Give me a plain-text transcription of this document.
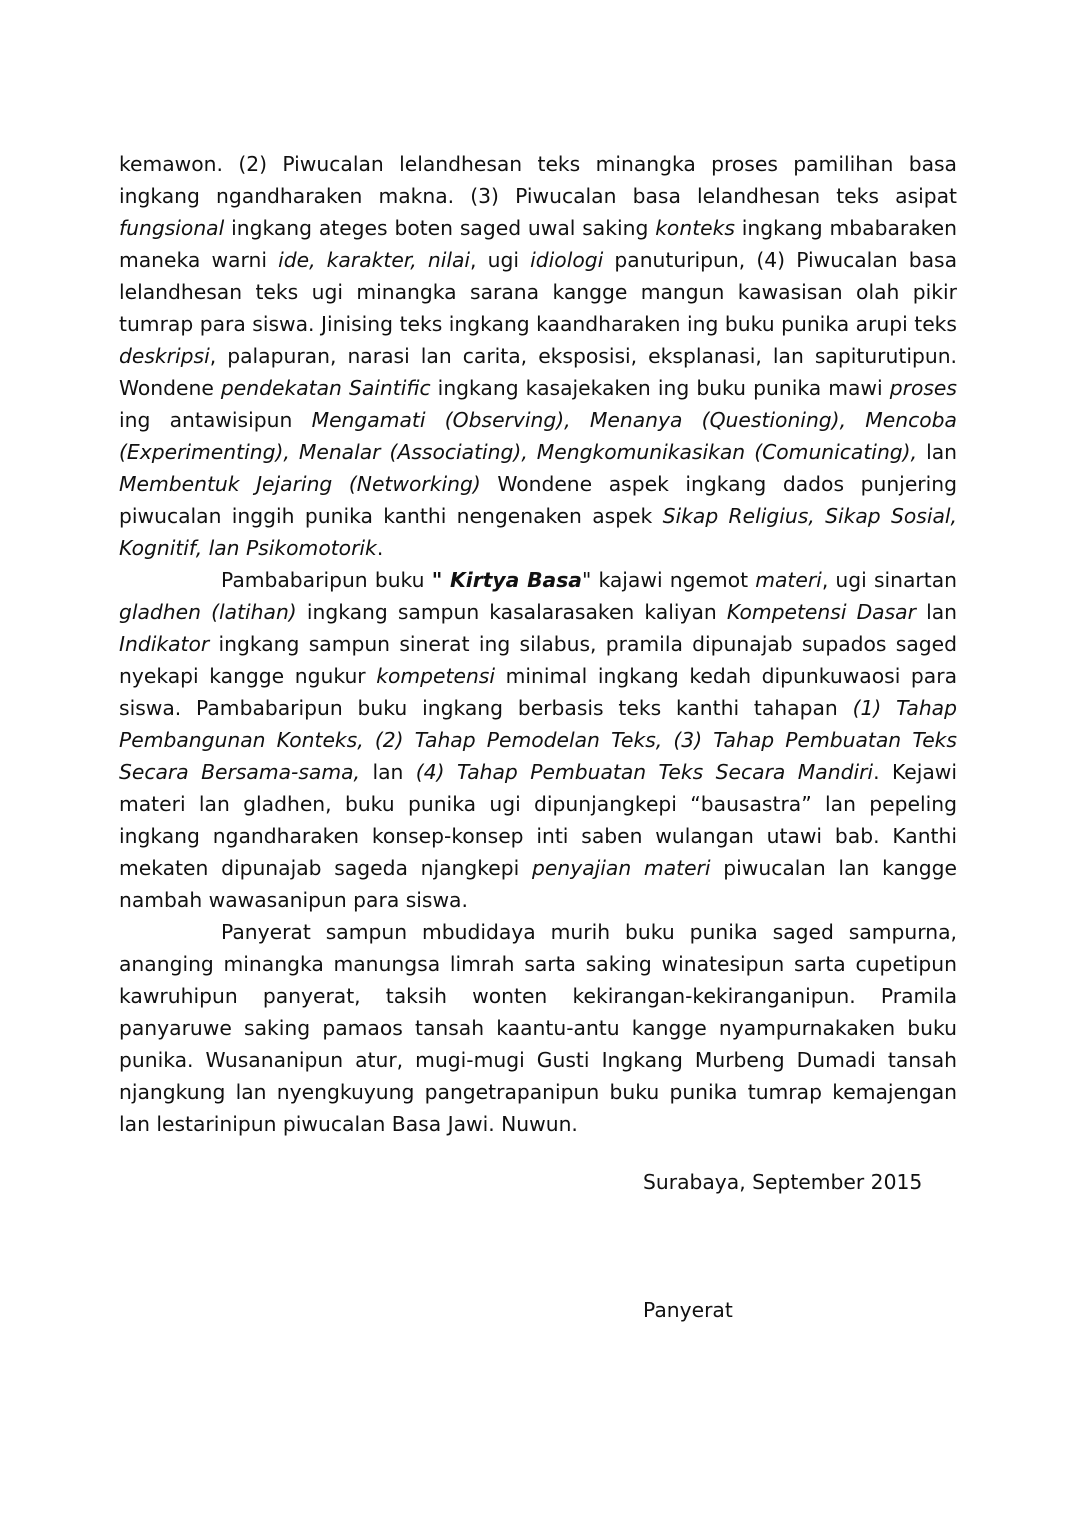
kemawon. (2) Piwucalan lelandhesan teks minangka proses pamilihan basa ingkang ngandharaken makna. (3) Piwucalan basa lelandhesan teks asipat fungsional ingkang ateges boten saged uwal saking konteks ingkang mbabaraken maneka warni ide, karakter, nilai, ugi idiologi panuturipun, (4) Piwucalan basa lelandhesan teks ugi minangka sarana kangge mangun kawasisan olah pikir tumrap para siswa. Jinising teks ingkang kaandharaken ing buku punika arupi teks deskripsi, palapuran, narasi lan carita, eksposisi, eksplanasi, lan sapiturutipun. Wondene pendekatan Saintific ingkang kasajekaken ing buku punika mawi proses ing antawisipun Mengamati (Observing), Menanya (Questioning), Mencoba (Experimenting), Menalar (Associating), Mengkomunikasikan (Comunicating), lan Membentuk Jejaring (Networking) Wondene aspek ingkang dados punjering piwucalan inggih punika kanthi nengenaken aspek Sikap Religius, Sikap Sosial, Kognitif, lan Psikomotorik.

Pambabaripun buku " Kirtya Basa" kajawi ngemot materi, ugi sinartan gladhen (latihan) ingkang sampun kasalarasaken kaliyan Kompetensi Dasar lan Indikator ingkang sampun sinerat ing silabus, pramila dipunajab supados saged nyekapi kangge ngukur kompetensi minimal ingkang kedah dipunkuwaosi para siswa. Pambabaripun buku ingkang berbasis teks kanthi tahapan (1) Tahap Pembangunan Konteks, (2) Tahap Pemodelan Teks, (3) Tahap Pembuatan Teks Secara Bersama-sama, lan (4) Tahap Pembuatan Teks Secara Mandiri. Kejawi materi lan gladhen, buku punika ugi dipunjangkepi “bausastra” lan pepeling ingkang ngandharaken konsep-konsep inti saben wulangan utawi bab. Kanthi mekaten dipunajab sageda njangkepi penyajian materi piwucalan lan kangge nambah wawasanipun para siswa.

Panyerat sampun mbudidaya murih buku punika saged sampurna, ananging minangka manungsa limrah sarta saking winatesipun sarta cupetipun kawruhipun panyerat, taksih wonten kekirangan-kekiranganipun. Pramila panyaruwe saking pamaos tansah kaantu-antu kangge nyampurnakaken buku punika. Wusananipun atur, mugi-mugi Gusti Ingkang Murbeng Dumadi tansah njangkung lan nyengkuyung pangetrapanipun buku punika tumrap kemajengan lan lestarinipun piwucalan Basa Jawi. Nuwun.

Surabaya, September 2015
Panyerat
